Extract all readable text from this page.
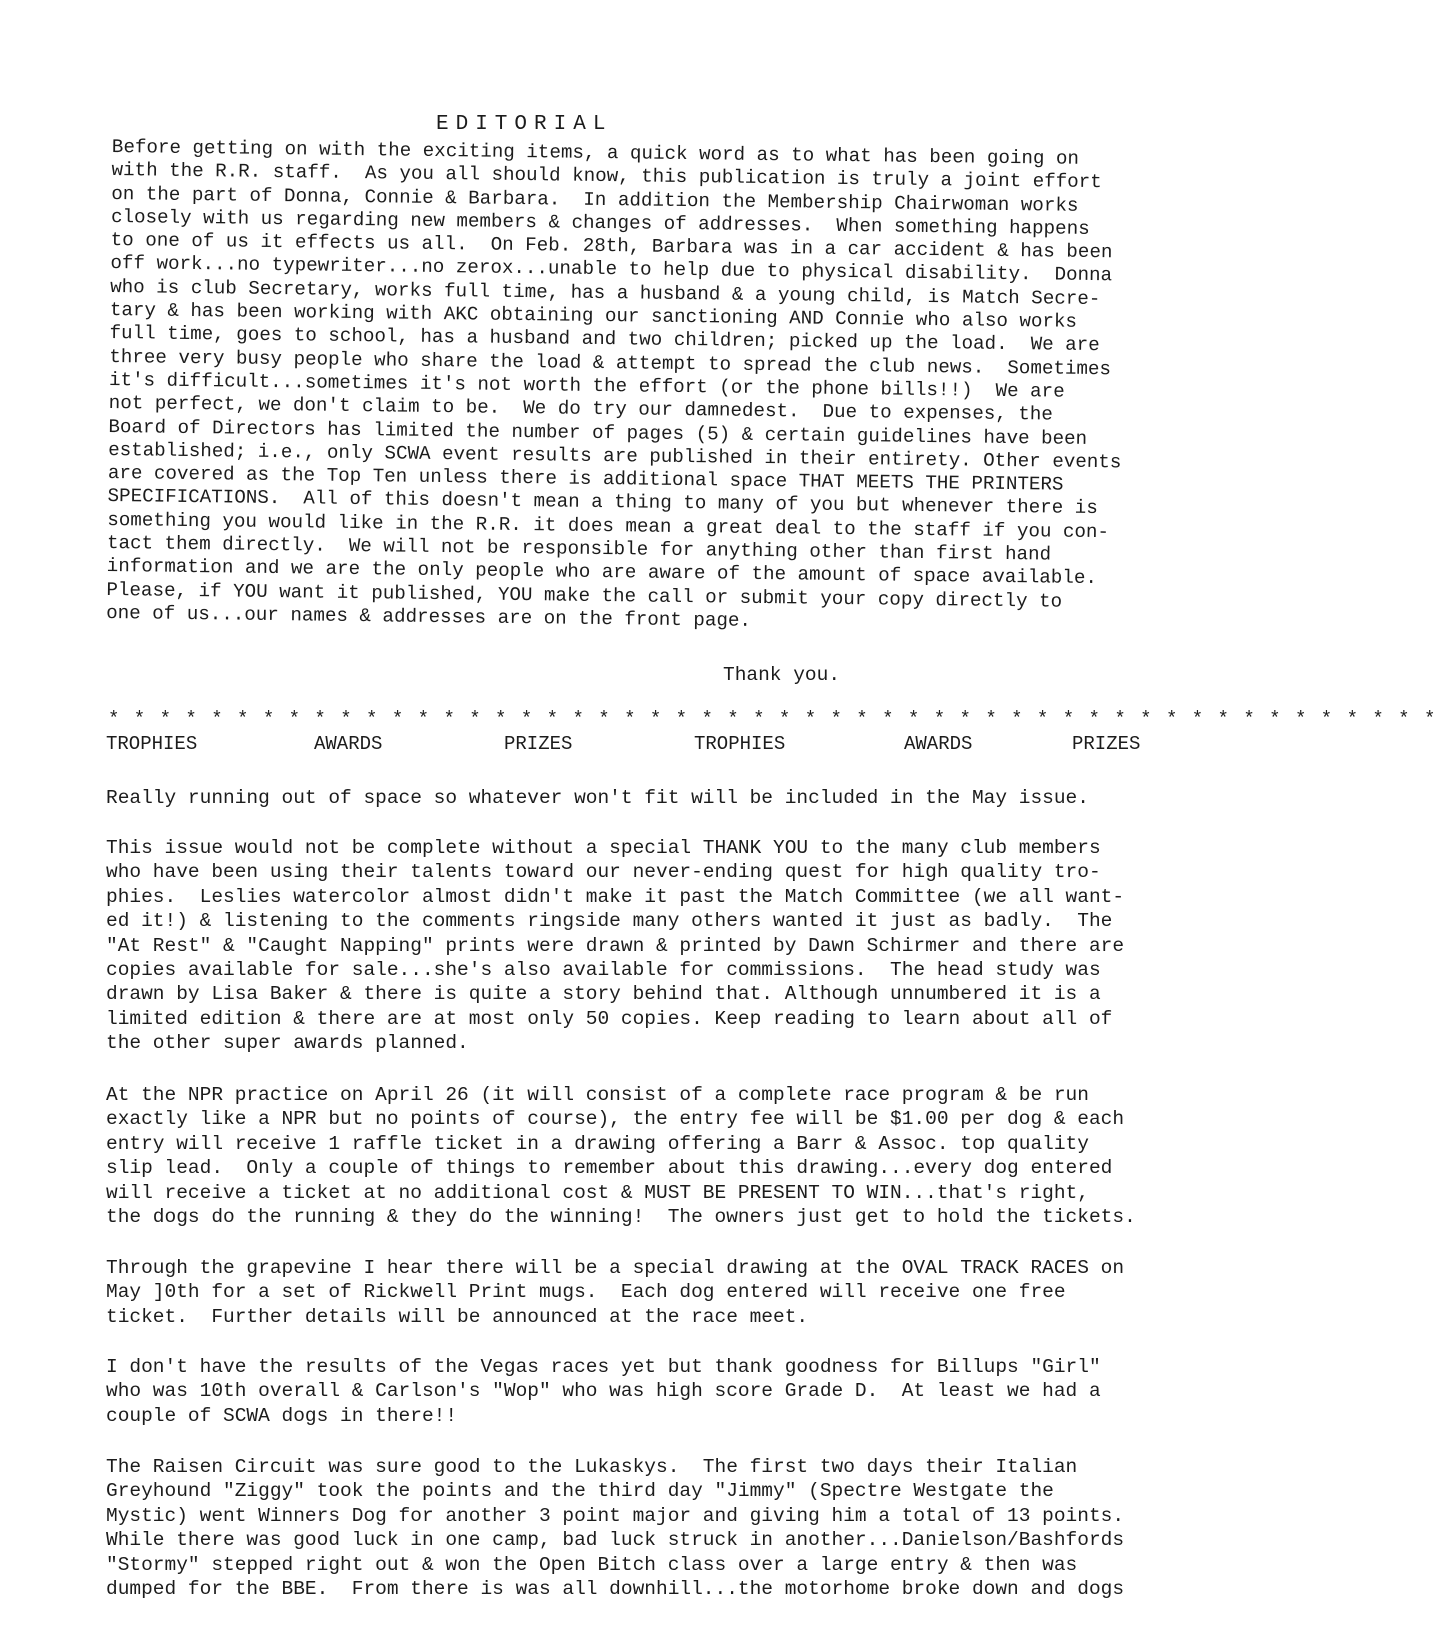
EDITORIAL
Before getting on with the exciting items, a quick word as to what has been going on
with the R.R. staff.  As you all should know, this publication is truly a joint effort
on the part of Donna, Connie & Barbara.  In addition the Membership Chairwoman works
closely with us regarding new members & changes of addresses.  When something happens
to one of us it effects us all.  On Feb. 28th, Barbara was in a car accident & has been
off work...no typewriter...no zerox...unable to help due to physical disability.  Donna
who is club Secretary, works full time, has a husband & a young child, is Match Secre-
tary & has been working with AKC obtaining our sanctioning AND Connie who also works
full time, goes to school, has a husband and two children; picked up the load.  We are
three very busy people who share the load & attempt to spread the club news.  Sometimes
it's difficult...sometimes it's not worth the effort (or the phone bills!!)  We are
not perfect, we don't claim to be.  We do try our damnedest.  Due to expenses, the
Board of Directors has limited the number of pages (5) & certain guidelines have been
established; i.e., only SCWA event results are published in their entirety. Other events
are covered as the Top Ten unless there is additional space THAT MEETS THE PRINTERS
SPECIFICATIONS.  All of this doesn't mean a thing to many of you but whenever there is
something you would like in the R.R. it does mean a great deal to the staff if you con-
tact them directly.  We will not be responsible for anything other than first hand
information and we are the only people who are aware of the amount of space available.
Please, if YOU want it published, YOU make the call or submit your copy directly to
one of us...our names & addresses are on the front page.
Thank you.
* * * * * * * * * * * * * * * * * * * * * * * * * * * * * * * * * * * * * * * * * * * * * * * * * * * *
TROPHIES	AWARDS	PRIZES	TROPHIES	AWARDS	PRIZES
Really running out of space so whatever won't fit will be included in the May issue.
This issue would not be complete without a special THANK YOU to the many club members
who have been using their talents toward our never-ending quest for high quality tro-
phies.  Leslies watercolor almost didn't make it past the Match Committee (we all want-
ed it!) & listening to the comments ringside many others wanted it just as badly.  The
"At Rest" & "Caught Napping" prints were drawn & printed by Dawn Schirmer and there are
copies available for sale...she's also available for commissions.  The head study was
drawn by Lisa Baker & there is quite a story behind that. Although unnumbered it is a
limited edition & there are at most only 50 copies. Keep reading to learn about all of
the other super awards planned.
At the NPR practice on April 26 (it will consist of a complete race program & be run
exactly like a NPR but no points of course), the entry fee will be $1.00 per dog & each
entry will receive 1 raffle ticket in a drawing offering a Barr & Assoc. top quality
slip lead.  Only a couple of things to remember about this drawing...every dog entered
will receive a ticket at no additional cost & MUST BE PRESENT TO WIN...that's right,
the dogs do the running & they do the winning!  The owners just get to hold the tickets.
Through the grapevine I hear there will be a special drawing at the OVAL TRACK RACES on
May ]0th for a set of Rickwell Print mugs.  Each dog entered will receive one free
ticket.  Further details will be announced at the race meet.
I don't have the results of the Vegas races yet but thank goodness for Billups "Girl"
who was 10th overall & Carlson's "Wop" who was high score Grade D.  At least we had a
couple of SCWA dogs in there!!
The Raisen Circuit was sure good to the Lukaskys.  The first two days their Italian
Greyhound "Ziggy" took the points and the third day "Jimmy" (Spectre Westgate the
Mystic) went Winners Dog for another 3 point major and giving him a total of 13 points.
While there was good luck in one camp, bad luck struck in another...Danielson/Bashfords
"Stormy" stepped right out & won the Open Bitch class over a large entry & then was
dumped for the BBE.  From there is was all downhill...the motorhome broke down and dogs
